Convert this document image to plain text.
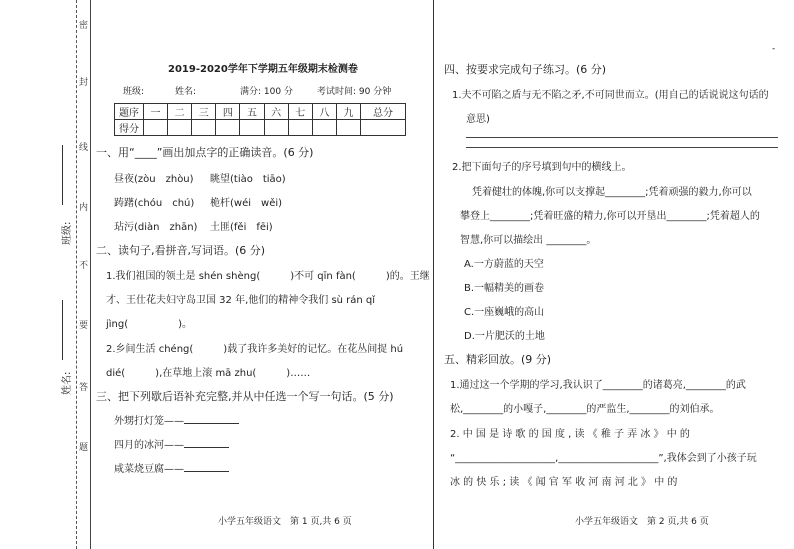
密
封
线
内
不
要
答
题
班级:
姓名:
2019-2020学年下学期五年级期末检测卷
班级:	姓名:	满分: 100 分	考试时间: 90 分钟
题序	一	二	三	四	五	六	七	八	九	总分
得分										
一、用“____”画出加点字的正确读音。(6 分)
昼夜(zòu　zhòu) 眺望(tiào　tiāo)
踌躇(chóu　chú) 桅杆(wéi　wěi)
玷污(diàn　zhān) 土匪(fěi　fēi)
二、读句子,看拼音,写词语。(6 分)
1.我们祖国的领土是 shén shèng(　　　)不可 qīn fàn(　　　)的。王继
才、王仕花夫妇守岛卫国 32 年,他们的精神令我们 sù rán qǐ
jìng(　　　　　)。
2.乡间生活 chéng(　　　)载了我许多美好的记忆。在花丛间捉 hú
dié(　　　),在草地上滚 mā zhu(　　　)……
三、把下列歇后语补充完整,并从中任选一个写一句话。(5 分)
外甥打灯笼——
四月的冰河——
咸菜烧豆腐——
小学五年级语文　第 1 页,共 6 页
-
四、按要求完成句子练习。(6 分)
1.夫不可陷之盾与无不陷之矛,不可同世而立。(用自己的话说说这句话的
意思)
2.把下面句子的序号填到句中的横线上。
凭着健壮的体魄,你可以支撑起________;凭着顽强的毅力,你可以
攀登上________;凭着旺盛的精力,你可以开垦出________;凭着超人的
智慧,你可以描绘出 ________。
A.一方蔚蓝的天空
B.一幅精美的画卷
C.一座巍峨的高山
D.一片肥沃的土地
五、精彩回放。(9 分)
1.通过这一个学期的学习,我认识了________的诸葛亮,________的武
松,________的小嘎子,________的严监生,________的刘伯承。
2. 中 国 是 诗 歌 的 国 度 , 读 《 稚 子 弄 冰 》 中 的
“____________________,____________________”,我体会到了小孩子玩
冰 的 快 乐 ; 读 《 闻 官 军 收 河 南 河 北 》 中 的
小学五年级语文　第 2 页,共 6 页
